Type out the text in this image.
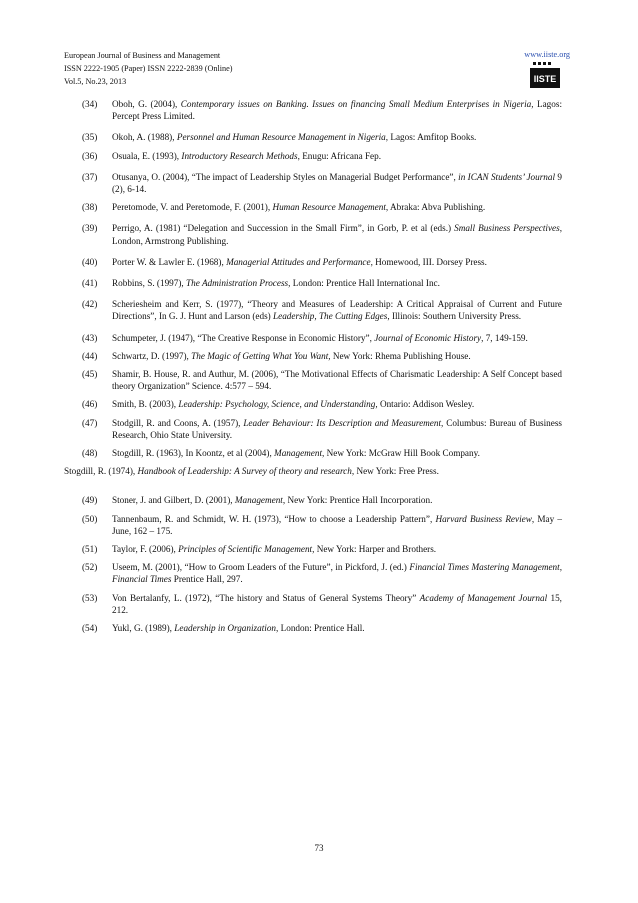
European Journal of Business and Management
ISSN 2222-1905 (Paper) ISSN 2222-2839 (Online)
Vol.5, No.23, 2013
www.iiste.org
IISTE

(34) Oboh, G. (2004), Contemporary issues on Banking. Issues on financing Small Medium Enterprises in Nigeria, Lagos: Percept Press Limited.

(35) Okoh, A. (1988), Personnel and Human Resource Management in Nigeria, Lagos: Amfitop Books.

(36) Osuala, E. (1993), Introductory Research Methods, Enugu: Africana Fep.

(37) Otusanya, O. (2004), “The impact of Leadership Styles on Managerial Budget Performance”, in ICAN Students’ Journal 9 (2), 6-14.

(38) Peretomode, V. and Peretomode, F. (2001), Human Resource Management, Abraka: Abva Publishing.

(39) Perrigo, A. (1981) “Delegation and Succession in the Small Firm”, in Gorb, P. et al (eds.) Small Business Perspectives, London, Armstrong Publishing.

(40) Porter W. & Lawler E. (1968), Managerial Attitudes and Performance, Homewood, III. Dorsey Press.

(41) Robbins, S. (1997), The Administration Process, London: Prentice Hall International Inc.

(42) Scheriesheim and Kerr, S. (1977), “Theory and Measures of Leadership: A Critical Appraisal of Current and Future Directions”, In G. J. Hunt and Larson (eds) Leadership, The Cutting Edges, Illinois: Southern University Press.

(43) Schumpeter, J. (1947), “The Creative Response in Economic History”, Journal of Economic History, 7, 149-159.

(44) Schwartz, D. (1997), The Magic of Getting What You Want, New York: Rhema Publishing House.

(45) Shamir, B. House, R. and Authur, M. (2006), “The Motivational Effects of Charismatic Leadership: A Self Concept based theory Organization” Science. 4:577 – 594.

(46) Smith, B. (2003), Leadership: Psychology, Science, and Understanding, Ontario: Addison Wesley.

(47) Stodgill, R. and Coons, A. (1957), Leader Behaviour: Its Description and Measurement, Columbus: Bureau of Business Research, Ohio State University.

(48) Stogdill, R. (1963), In Koontz, et al (2004), Management, New York: McGraw Hill Book Company.

Stogdill, R. (1974), Handbook of Leadership: A Survey of theory and research, New York: Free Press.

(49) Stoner, J. and Gilbert, D. (2001), Management, New York: Prentice Hall Incorporation.

(50) Tannenbaum, R. and Schmidt, W. H. (1973), “How to choose a Leadership Pattern”, Harvard Business Review, May – June, 162 – 175.

(51) Taylor, F. (2006), Principles of Scientific Management, New York: Harper and Brothers.

(52) Useem, M. (2001), “How to Groom Leaders of the Future”, in Pickford, J. (ed.) Financial Times Mastering Management, Financial Times Prentice Hall, 297.

(53) Von Bertalanfy, L. (1972), “The history and Status of General Systems Theory” Academy of Management Journal 15, 212.

(54) Yukl, G. (1989), Leadership in Organization, London: Prentice Hall.

73
